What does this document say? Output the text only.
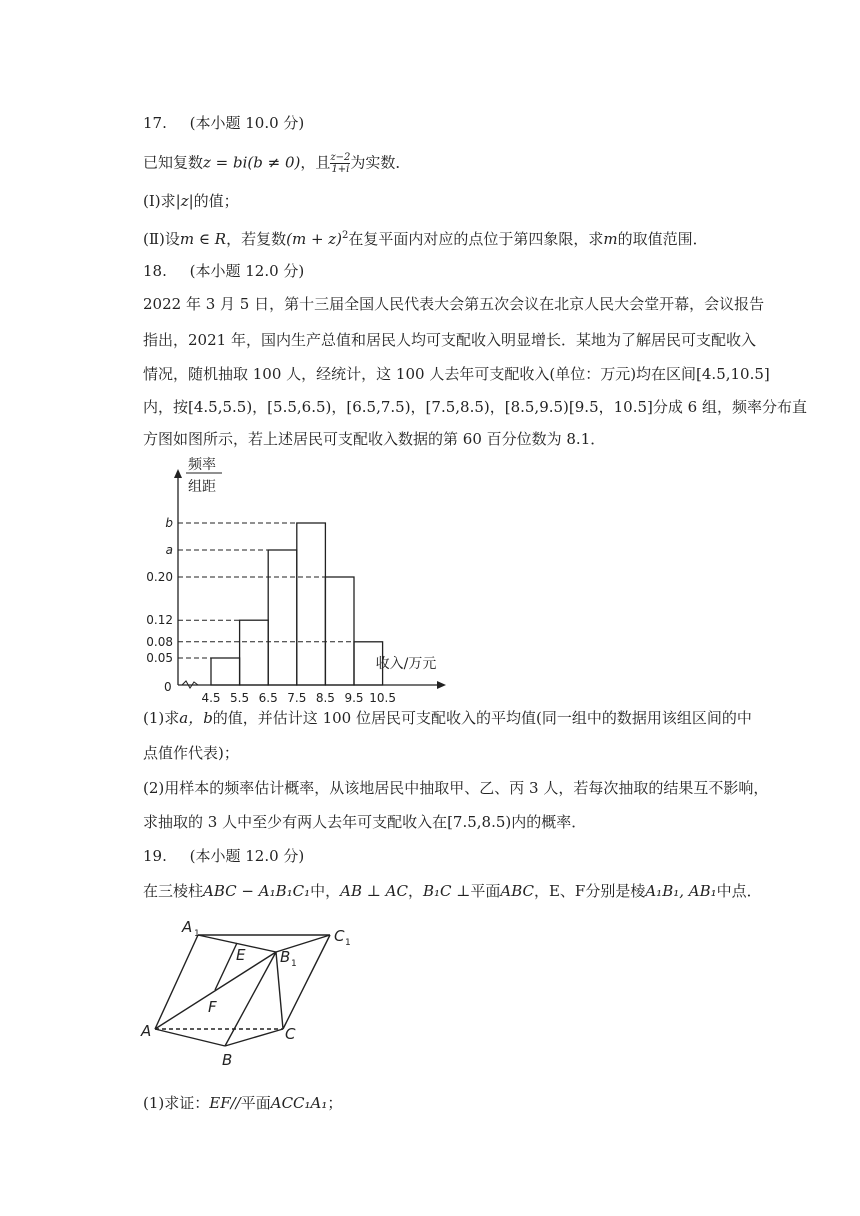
17. (本小题 10.0 分)
已知复数z = bi(b ≠ 0)，且 $\frac{z-2}{1+i}$ 为实数．
(Ⅰ)求|z|的值；
(Ⅱ)设m ∈ R，若复数$(m + z)^2$在复平面内对应的点位于第四象限，求m的取值范围．
18. (本小题 12.0 分)
2022 年 3 月 5 日，第十三届全国人民代表大会第五次会议在北京人民大会堂开幕，会议报告
指出，2021 年，国内生产总值和居民人均可支配收入明显增长．某地为了解居民可支配收入
情况，随机抽取 100 人，经统计，这 100 人去年可支配收入(单位：万元)均在区间[4.5,10.5]
内，按[4.5,5.5)，[5.5,6.5)，[6.5,7.5)，[7.5,8.5)，[8.5,9.5)[9.5，10.5]分成 6 组，频率分布直
方图如图所示，若上述居民可支配收入数据的第 60 百分位数为 8.1．
频率
组距
收入/万元
0
0.05
0.08
0.12
0.20
a
b
4.5 5.5 6.5 7.5 8.5 9.5 10.5
(1)求a，b的值，并估计这 100 位居民可支配收入的平均值(同一组中的数据用该组区间的中
点值作代表)；
(2)用样本的频率估计概率，从该地居民中抽取甲、乙、丙 3 人，若每次抽取的结果互不影响，
求抽取的 3 人中至少有两人去年可支配收入在[7.5,8.5)内的概率．
19. (本小题 12.0 分)
在三棱柱ABC − A₁B₁C₁中，AB ⊥ AC，B₁C ⊥平面ABC，E、F分别是棱A₁B₁, AB₁中点．
A 1	C 1
B 1
E
F
A
B
C
(1)求证：EF//平面ACC₁A₁；
